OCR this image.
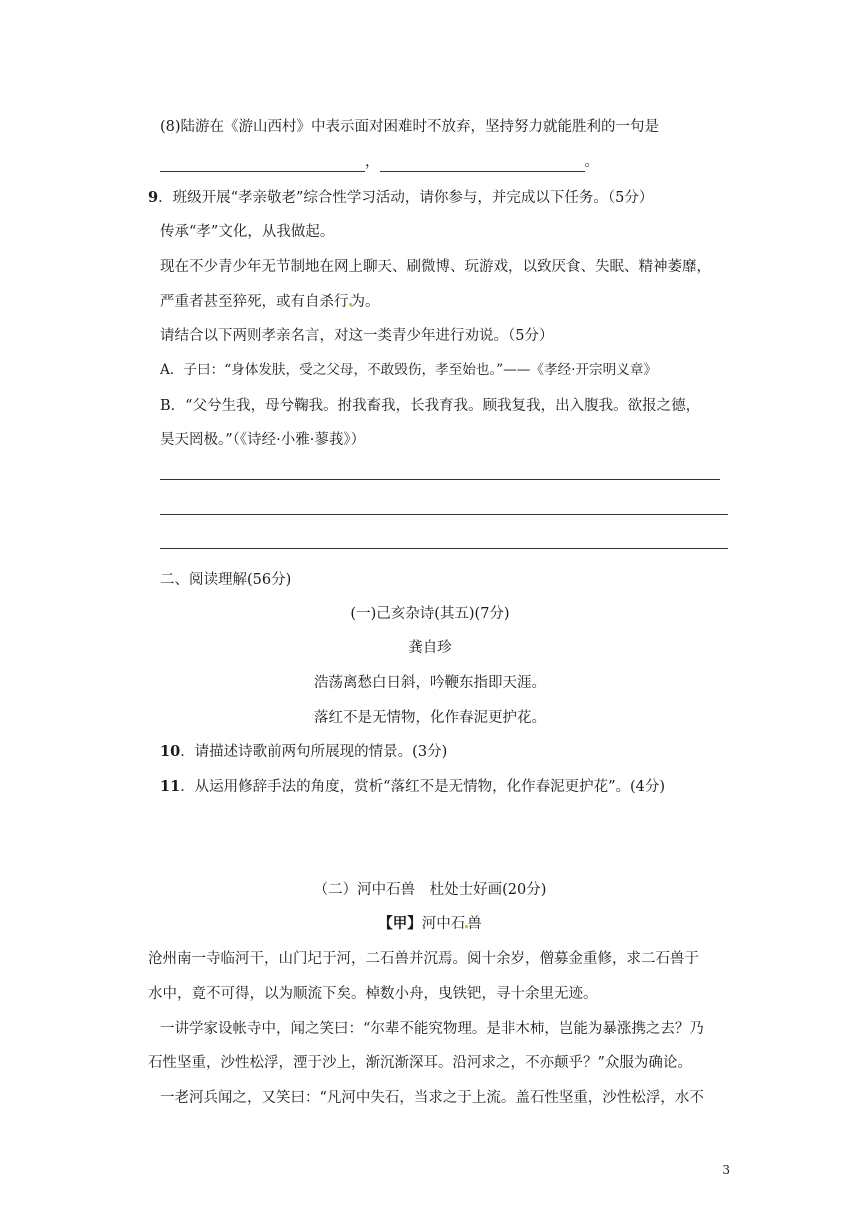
(8)陆游在《游山西村》中表示面对困难时不放弃，坚持努力就能胜利的一句是
，	。
9．班级开展“孝亲敬老”综合性学习活动，请你参与，并完成以下任务。（5分）
传承“孝”文化，从我做起。
现在不少青少年无节制地在网上聊天、刷微博、玩游戏，以致厌食、失眠、精神萎靡，
严重者甚至猝死，或有自杀行 为。
请结合以下两则孝亲名言，对这一类青少年进行劝说。（5分）
A．子曰：“身体发肤，受之父母，不敢毁伤，孝至始也。”——《孝经·开宗明义章》
B．“父兮生我，母兮鞠我。拊我畜我，长我育我。顾我复我，出入腹我。欲报之德，
昊天罔极。”（《诗经·小雅·蓼莪》）
二、阅读理解(56分)
(一)己亥杂诗(其五)(7分)
龚自珍
浩荡离愁白日斜，吟鞭东指即天涯。
落红不是无情物，化作春泥更护花。
10．请描述诗歌前两句所展现的情景。(3分)
11．从运用修辞手法的角度，赏析“落红不是无情物，化作春泥更护花”。(4分)
（二）河中石兽　杜处士好画(20分)
【甲】河中石 兽
沧州南一寺临河干，山门圮于河，二石兽并沉焉。阅十余岁，僧募金重修，求二石兽于
水中，竟不可得，以为顺流下矣。棹数小舟，曳铁钯，寻十余里无迹。
一讲学家设帐寺中，闻之笑曰：“尔辈不能究物理。是非木柿，岂能为暴涨携之去？乃
石性坚重，沙性松浮，湮于沙上，渐沉渐深耳。沿河求之，不亦颠乎？”众服为确论。
一老河兵闻之，又笑曰：“凡河中失石，当求之于上流。盖石性坚重，沙性松浮，水不
3
